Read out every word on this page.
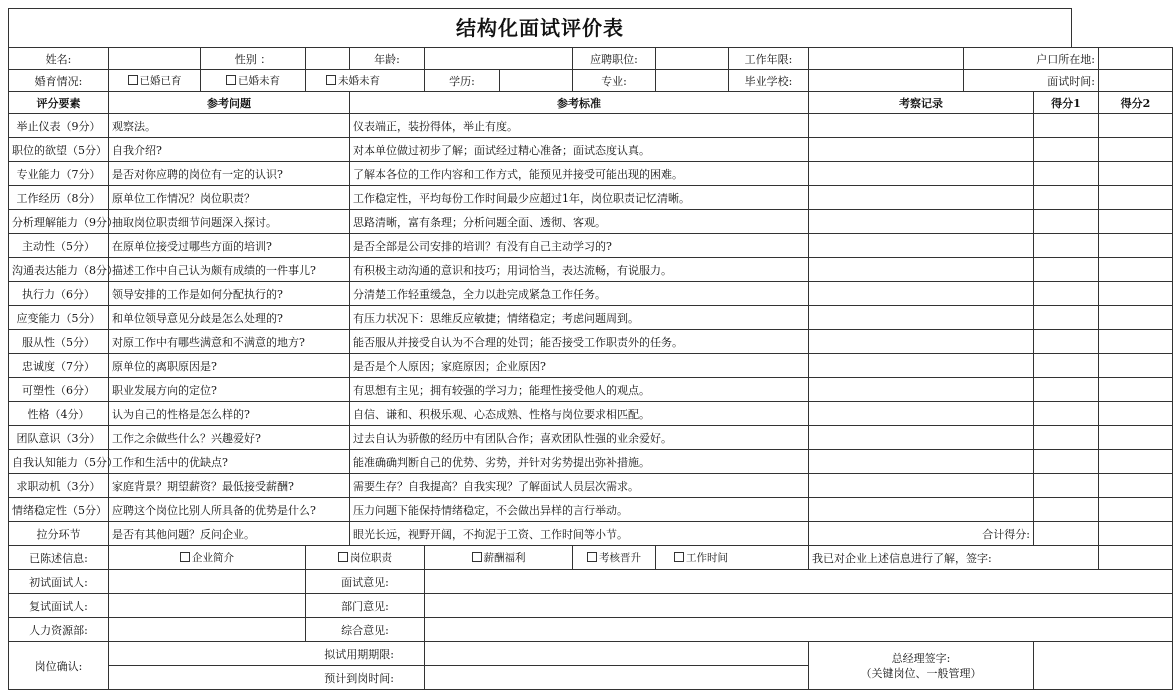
结构化面试评价表
姓名:		性别 ：		年龄:			应聘职位:		工作年限:		户口所在地:		
婚育情况:	已婚已育	已婚未育	未婚未育		学历:		专业:		毕业学校:		面试时间:		
评分要素	参考问题			参考标准						考察记录		得分1	得分2
举止仪表（9分）	观察法。			仪表端正，装扮得体，举止有度。									
职位的欲望（5分）	自我介绍?			对本单位做过初步了解；面试经过精心准备；面试态度认真。									
专业能力（7分）	是否对你应聘的岗位有一定的认识?			了解本各位的工作内容和工作方式，能预见并接受可能出现的困难。									
工作经历（8分）	原单位工作情况？岗位职责？			工作稳定性，平均每份工作时间最少应超过1年，岗位职责记忆清晰。									
分析理解能力（9分）	抽取岗位职责细节问题深入探讨。			思路清晰，富有条理；分析问题全面、透彻、客观。									
主动性（5分）	在原单位接受过哪些方面的培训?			是否全部是公司安排的培训？有没有自己主动学习的?									
沟通表达能力（8分）	描述工作中自己认为颇有成绩的一件事儿?			有积极主动沟通的意识和技巧；用词恰当，表达流畅，有说服力。									
执行力（6分）	领导安排的工作是如何分配执行的?			分清楚工作轻重缓急，全力以赴完成紧急工作任务。									
应变能力（5分）	和单位领导意见分歧是怎么处理的?			有压力状况下：思维反应敏捷；情绪稳定；考虑问题周到。									
服从性（5分）	对原工作中有哪些满意和不满意的地方?			能否服从并接受自认为不合理的处罚；能否接受工作职责外的任务。									
忠诚度（7分）	原单位的离职原因是?			是否是个人原因；家庭原因；企业原因?									
可塑性（6分）	职业发展方向的定位?			有思想有主见；拥有较强的学习力；能理性接受他人的观点。									
性格（4分）	认为自己的性格是怎么样的?			自信、谦和、积极乐观、心态成熟、性格与岗位要求相匹配。									
团队意识（3分）	工作之余做些什么？兴趣爱好?			过去自认为骄傲的经历中有团队合作；喜欢团队性强的业余爱好。									
自我认知能力（5分）	工作和生活中的优缺点?			能准确确判断自己的优势、劣势，并针对劣势提出弥补措施。									
求职动机（3分）	家庭背景？期望薪资？最低接受薪酬?			需要生存？自我提高？自我实现？了解面试人员层次需求。									
情绪稳定性（5分）	应聘这个岗位比别人所具备的优势是什么?			压力问题下能保持情绪稳定，不会做出异样的言行举动。									
拉分环节	是否有其他问题？反问企业。			眼光长远，视野开阔，不拘泥于工资、工作时间等小节。						合计得分:			
已陈述信息:	企业简介		岗位职责		薪酬福利		考核晋升	工作时间		我已对企业上述信息进行了解，签字:			
初试面试人:			面试意见:										
复试面试人:			部门意见:										
人力资源部:			综合意见:										
岗位确认:	拟试用期期限:									总经理签字:
（关键岗位、一般管理）			
	预计到岗时间:												
